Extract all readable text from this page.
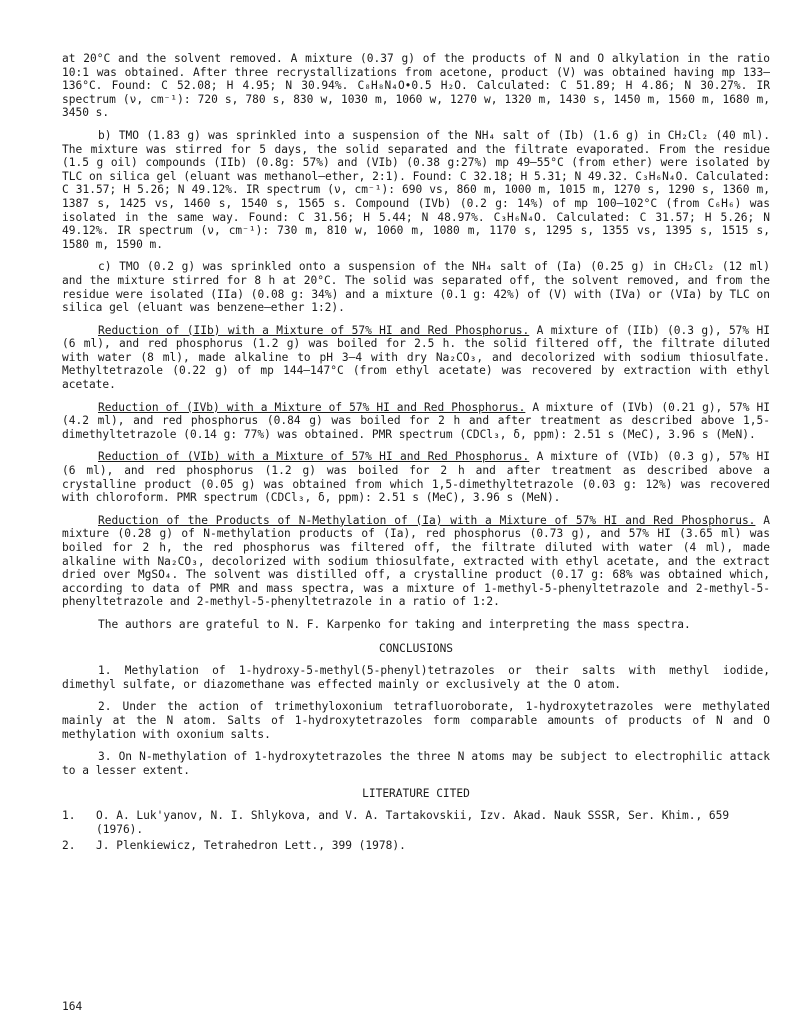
at 20°C and the solvent removed. A mixture (0.37 g) of the products of N and O alkylation in the ratio 10:1 was obtained. After three recrystallizations from acetone, product (V) was obtained having mp 133–136°C. Found: C 52.08; H 4.95; N 30.94%. C₈H₈N₄O•0.5 H₂O. Calculated: C 51.89; H 4.86; N 30.27%. IR spectrum (ν, cm⁻¹): 720 s, 780 s, 830 w, 1030 m, 1060 w, 1270 w, 1320 m, 1430 s, 1450 m, 1560 m, 1680 m, 3450 s.

b) TMO (1.83 g) was sprinkled into a suspension of the NH₄ salt of (Ib) (1.6 g) in CH₂Cl₂ (40 ml). The mixture was stirred for 5 days, the solid separated and the filtrate evaporated. From the residue (1.5 g oil) compounds (IIb) (0.8g: 57%) and (VIb) (0.38 g:27%) mp 49–55°C (from ether) were isolated by TLC on silica gel (eluant was methanol–ether, 2:1). Found: C 32.18; H 5.31; N 49.32. C₃H₆N₄O. Calculated: C 31.57; H 5.26; N 49.12%. IR spectrum (ν, cm⁻¹): 690 vs, 860 m, 1000 m, 1015 m, 1270 s, 1290 s, 1360 m, 1387 s, 1425 vs, 1460 s, 1540 s, 1565 s. Compound (IVb) (0.2 g: 14%) of mp 100–102°C (from C₆H₆) was isolated in the same way. Found: C 31.56; H 5.44; N 48.97%. C₃H₆N₄O. Calculated: C 31.57; H 5.26; N 49.12%. IR spectrum (ν, cm⁻¹): 730 m, 810 w, 1060 m, 1080 m, 1170 s, 1295 s, 1355 vs, 1395 s, 1515 s, 1580 m, 1590 m.

c) TMO (0.2 g) was sprinkled onto a suspension of the NH₄ salt of (Ia) (0.25 g) in CH₂Cl₂ (12 ml) and the mixture stirred for 8 h at 20°C. The solid was separated off, the solvent removed, and from the residue were isolated (IIa) (0.08 g: 34%) and a mixture (0.1 g: 42%) of (V) with (IVa) or (VIa) by TLC on silica gel (eluant was benzene–ether 1:2).

Reduction of (IIb) with a Mixture of 57% HI and Red Phosphorus. A mixture of (IIb) (0.3 g), 57% HI (6 ml), and red phosphorus (1.2 g) was boiled for 2.5 h. the solid filtered off, the filtrate diluted with water (8 ml), made alkaline to pH 3–4 with dry Na₂CO₃, and decolorized with sodium thiosulfate. Methyltetrazole (0.22 g) of mp 144–147°C (from ethyl acetate) was recovered by extraction with ethyl acetate.

Reduction of (IVb) with a Mixture of 57% HI and Red Phosphorus. A mixture of (IVb) (0.21 g), 57% HI (4.2 ml), and red phosphorus (0.84 g) was boiled for 2 h and after treatment as described above 1,5-dimethyltetrazole (0.14 g: 77%) was obtained. PMR spectrum (CDCl₃, δ, ppm): 2.51 s (MeC), 3.96 s (MeN).

Reduction of (VIb) with a Mixture of 57% HI and Red Phosphorus. A mixture of (VIb) (0.3 g), 57% HI (6 ml), and red phosphorus (1.2 g) was boiled for 2 h and after treatment as described above a crystalline product (0.05 g) was obtained from which 1,5-dimethyltetrazole (0.03 g: 12%) was recovered with chloroform. PMR spectrum (CDCl₃, δ, ppm): 2.51 s (MeC), 3.96 s (MeN).

Reduction of the Products of N-Methylation of (Ia) with a Mixture of 57% HI and Red Phosphorus. A mixture (0.28 g) of N-methylation products of (Ia), red phosphorus (0.73 g), and 57% HI (3.65 ml) was boiled for 2 h, the red phosphorus was filtered off, the filtrate diluted with water (4 ml), made alkaline with Na₂CO₃, decolorized with sodium thiosulfate, extracted with ethyl acetate, and the extract dried over MgSO₄. The solvent was distilled off, a crystalline product (0.17 g: 68% was obtained which, according to data of PMR and mass spectra, was a mixture of 1-methyl-5-phenyltetrazole and 2-methyl-5-phenyltetrazole and 2-methyl-5-phenyltetrazole in a ratio of 1:2.

The authors are grateful to N. F. Karpenko for taking and interpreting the mass spectra.

CONCLUSIONS

1. Methylation of 1-hydroxy-5-methyl(5-phenyl)tetrazoles or their salts with methyl iodide, dimethyl sulfate, or diazomethane was effected mainly or exclusively at the O atom.

2. Under the action of trimethyloxonium tetrafluoroborate, 1-hydroxytetrazoles were methylated mainly at the N atom. Salts of 1-hydroxytetrazoles form comparable amounts of products of N and O methylation with oxonium salts.

3. On N-methylation of 1-hydroxytetrazoles the three N atoms may be subject to electrophilic attack to a lesser extent.

LITERATURE CITED
1.	O. A. Luk'yanov, N. I. Shlykova, and V. A. Tartakovskii, Izv. Akad. Nauk SSSR, Ser. Khim., 659 (1976).
2.	J. Plenkiewicz, Tetrahedron Lett., 399 (1978).
164
